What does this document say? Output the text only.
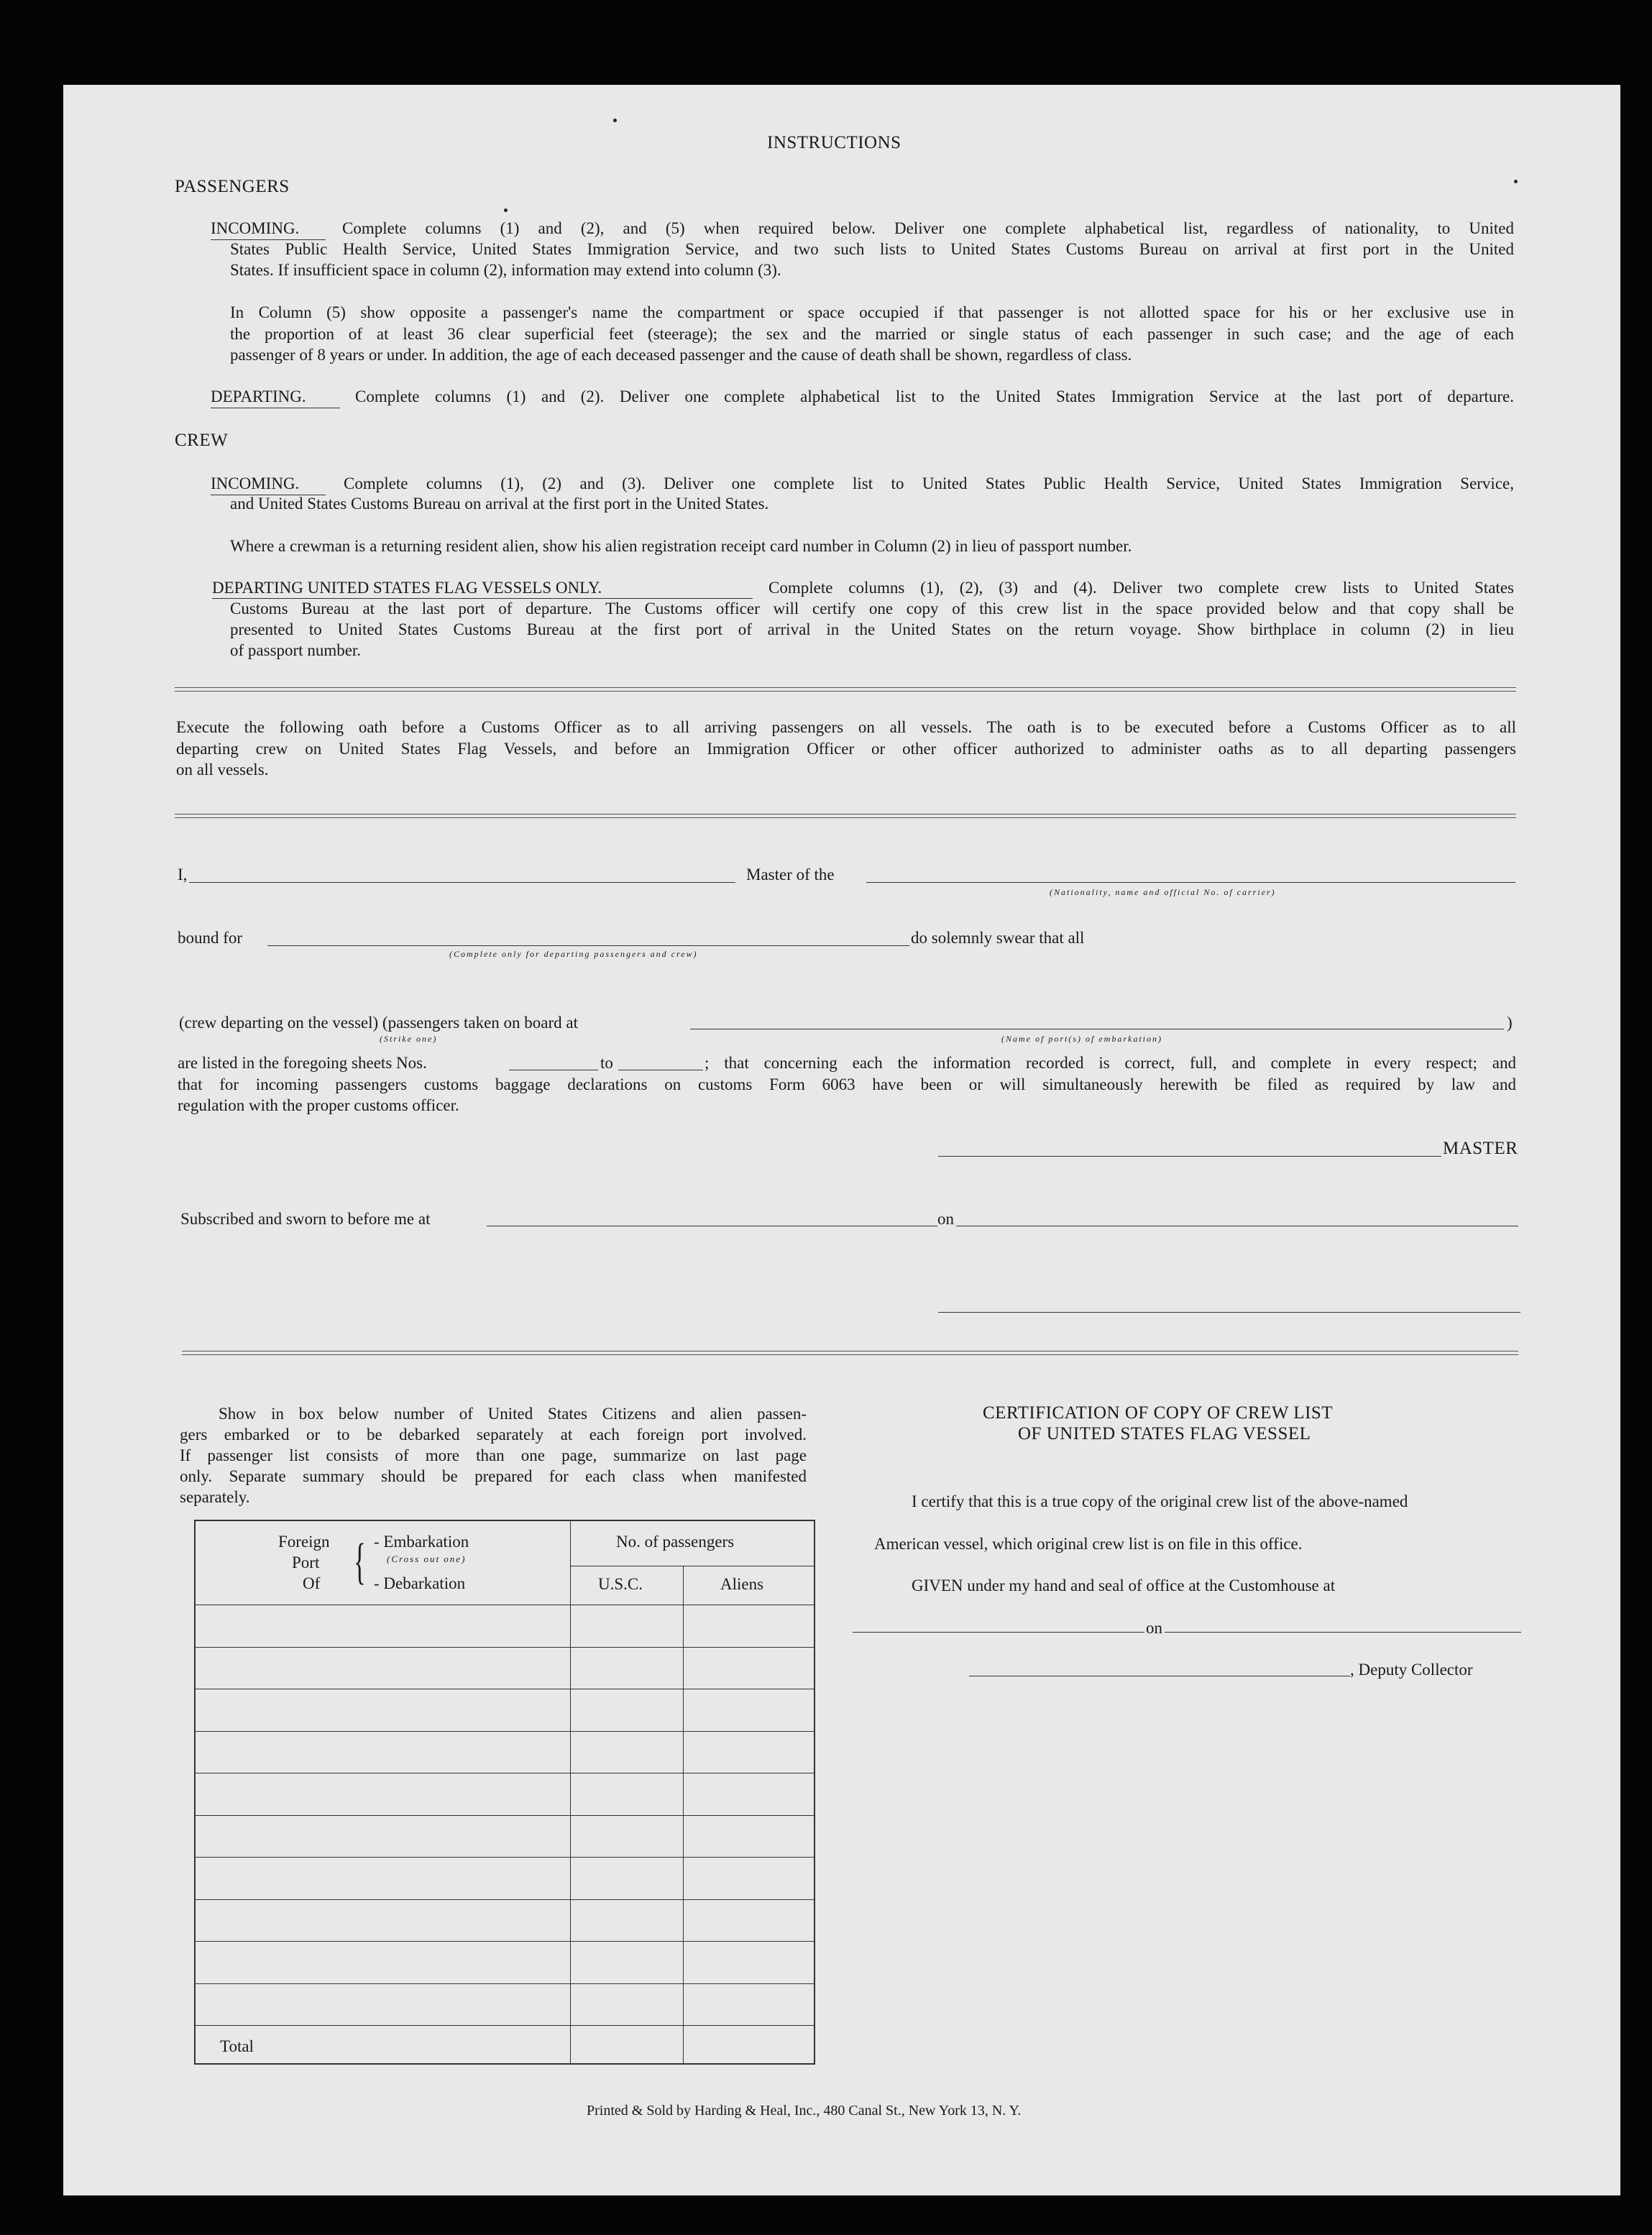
INSTRUCTIONS
PASSENGERS
INCOMING.	Complete columns (1) and (2), and (5) when required below. Deliver one complete alphabetical list, regardless of nationality, to United
States Public Health Service, United States Immigration Service, and two such lists to United States Customs Bureau on arrival at first port in the United
States. If insufficient space in column (2), information may extend into column (3).
In Column (5) show opposite a passenger's name the compartment or space occupied if that passenger is not allotted space for his or her exclusive use in
the proportion of at least 36 clear superficial feet (steerage); the sex and the married or single status of each passenger in such case; and the age of each
passenger of 8 years or under. In addition, the age of each deceased passenger and the cause of death shall be shown, regardless of class.
DEPARTING.	Complete columns (1) and (2). Deliver one complete alphabetical list to the United States Immigration Service at the last port of departure.
CREW
INCOMING.	Complete columns (1), (2) and (3). Deliver one complete list to United States Public Health Service, United States Immigration Service,
and United States Customs Bureau on arrival at the first port in the United States.
Where a crewman is a returning resident alien, show his alien registration receipt card number in Column (2) in lieu of passport number.
DEPARTING UNITED STATES FLAG VESSELS ONLY.	Complete columns (1), (2), (3) and (4). Deliver two complete crew lists to United States
Customs Bureau at the last port of departure. The Customs officer will certify one copy of this crew list in the space provided below and that copy shall be
presented to United States Customs Bureau at the first port of arrival in the United States on the return voyage. Show birthplace in column (2) in lieu
of passport number.
Execute the following oath before a Customs Officer as to all arriving passengers on all vessels. The oath is to be executed before a Customs Officer as to all
departing crew on United States Flag Vessels, and before an Immigration Officer or other officer authorized to administer oaths as to all departing passengers
on all vessels.
I,	Master of the
(Nationality, name and official No. of carrier)
bound for
(Complete only for departing passengers and crew)
do solemnly swear that all
(crew departing on the vessel) (passengers taken on board at	)
(Strike one)	(Name of port(s) of embarkation)
are listed in the foregoing sheets Nos.	to	; that concerning each the information recorded is correct, full, and complete in every respect; and
that for incoming passengers customs baggage declarations on customs Form 6063 have been or will simultaneously herewith be filed as required by law and
regulation with the proper customs officer.
MASTER
Subscribed and sworn to before me at	on
Show in box below number of United States Citizens and alien passen-
gers embarked or to be debarked separately at each foreign port involved.
If passenger list consists of more than one page, summarize on last page
only. Separate summary should be prepared for each class when manifested
separately.
Foreign
Port
Of { - Embarkation
(Cross out one)
- Debarkation
No. of passengers
U.S.C.	Aliens
Total
CERTIFICATION OF COPY OF CREW LIST
OF UNITED STATES FLAG VESSEL
I certify that this is a true copy of the original crew list of the above-named
American vessel, which original crew list is on file in this office.
GIVEN under my hand and seal of office at the Customhouse at
on
, Deputy Collector
Printed & Sold by Harding & Heal, Inc., 480 Canal St., New York 13, N. Y.
